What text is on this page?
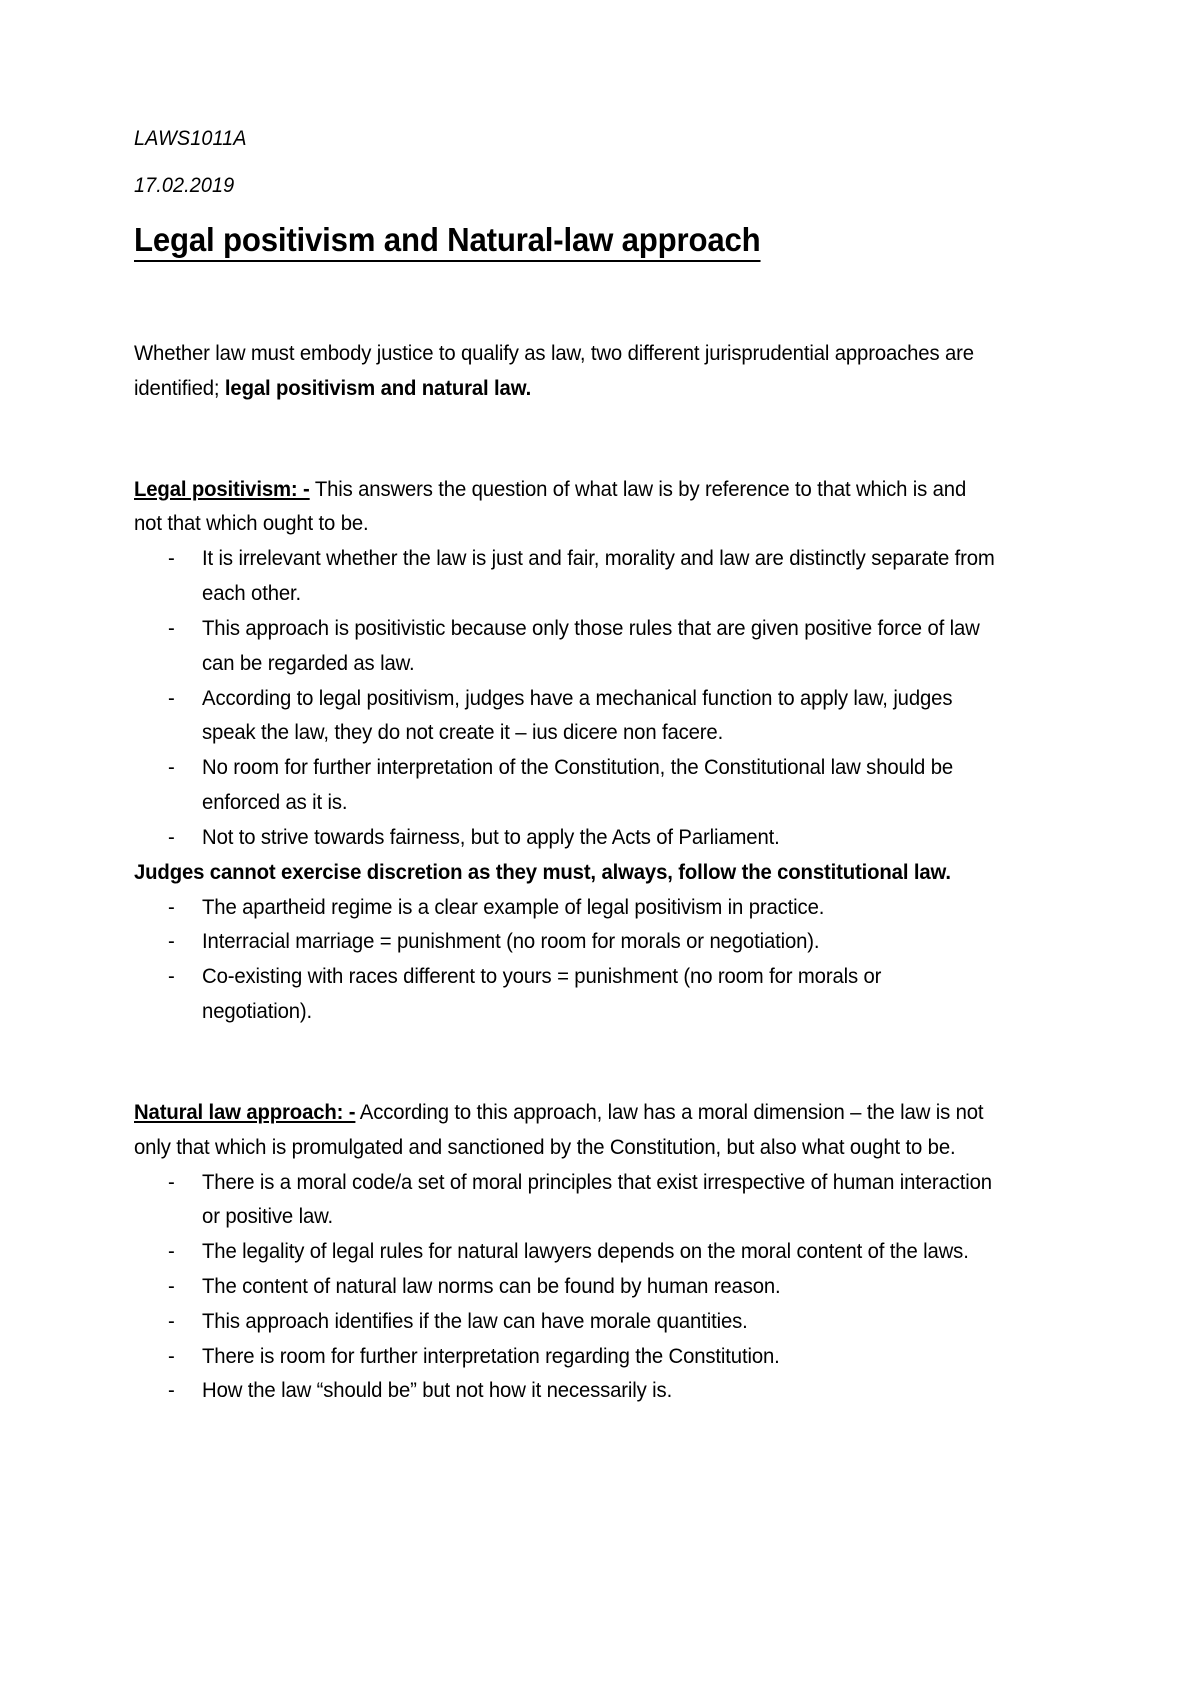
LAWS1011A
17.02.2019
Legal positivism and Natural-law approach

Whether law must embody justice to qualify as law, two different jurisprudential approaches are identified; legal positivism and natural law.

Legal positivism: - This answers the question of what law is by reference to that which is and not that which ought to be.

- It is irrelevant whether the law is just and fair, morality and law are distinctly separate from each other.
- This approach is positivistic because only those rules that are given positive force of law can be regarded as law.
- According to legal positivism, judges have a mechanical function to apply law, judges speak the law, they do not create it – ius dicere non facere.
- No room for further interpretation of the Constitution, the Constitutional law should be enforced as it is.
- Not to strive towards fairness, but to apply the Acts of Parliament.

Judges cannot exercise discretion as they must, always, follow the constitutional law.

- The apartheid regime is a clear example of legal positivism in practice.
- Interracial marriage = punishment (no room for morals or negotiation).
- Co-existing with races different to yours = punishment (no room for morals or negotiation).

Natural law approach: - According to this approach, law has a moral dimension – the law is not only that which is promulgated and sanctioned by the Constitution, but also what ought to be.

- There is a moral code/a set of moral principles that exist irrespective of human interaction or positive law.
- The legality of legal rules for natural lawyers depends on the moral content of the laws.
- The content of natural law norms can be found by human reason.
- This approach identifies if the law can have morale quantities.
- There is room for further interpretation regarding the Constitution.
- How the law “should be” but not how it necessarily is.
